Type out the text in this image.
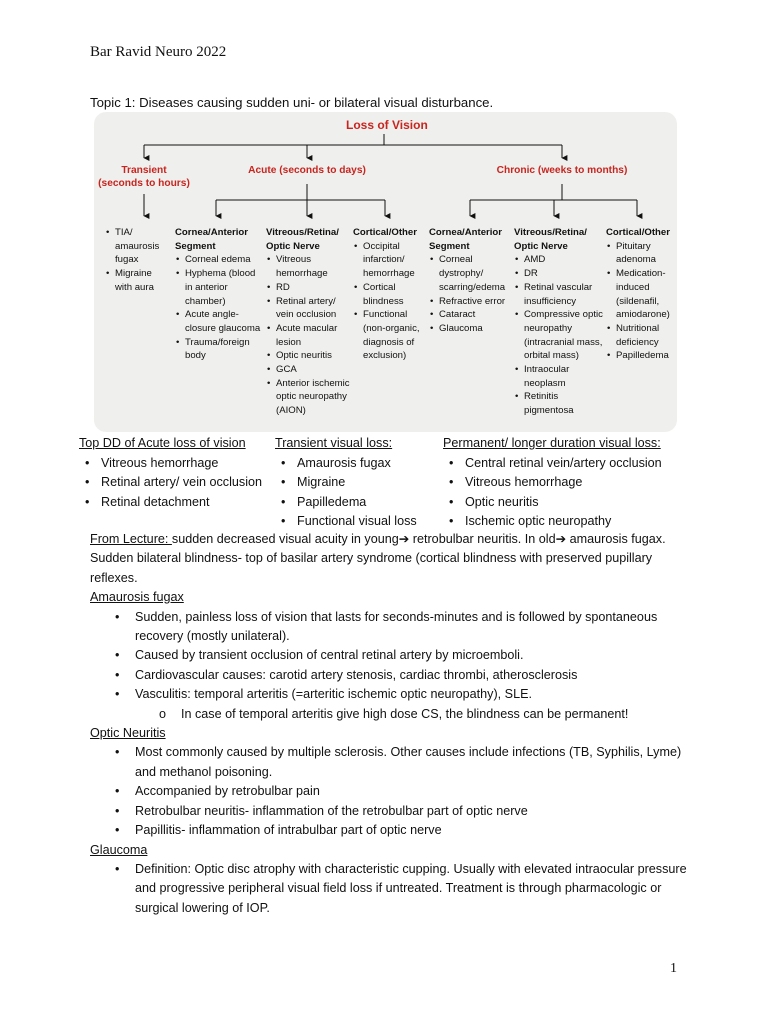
Bar Ravid Neuro 2022
1
Topic 1: Diseases causing sudden uni- or bilateral visual disturbance.
Loss of Vision
Transient
(seconds to hours)
Acute (seconds to days)	Chronic (weeks to months)
• TIA/ amaurosis fugax
• Migraine with aura
Cornea/Anterior
Segment
• Corneal edema
• Hyphema (blood in anterior chamber)
• Acute angle-closure glaucoma
• Trauma/foreign body
Vitreous/Retina/
Optic Nerve
• Vitreous hemorrhage
• RD
• Retinal artery/ vein occlusion
• Acute macular lesion
• Optic neuritis
• GCA
• Anterior ischemic optic neuropathy (AION)
Cortical/Other
• Occipital infarction/ hemorrhage
• Cortical blindness
• Functional (non-organic, diagnosis of exclusion)
Cornea/Anterior
Segment
• Corneal dystrophy/ scarring/edema
• Refractive error
• Cataract
• Glaucoma
Vitreous/Retina/
Optic Nerve
• AMD
• DR
• Retinal vascular insufficiency
• Compressive optic neuropathy (intracranial mass, orbital mass)
• Intraocular neoplasm
• Retinitis pigmentosa
Cortical/Other
• Pituitary adenoma
• Medication-induced (sildenafil, amiodarone)
• Nutritional deficiency
• Papilledema
Top DD of Acute loss of vision
• Vitreous hemorrhage
• Retinal artery/ vein occlusion
• Retinal detachment
Transient visual loss:
• Amaurosis fugax
• Migraine
• Papilledema
• Functional visual loss
Permanent/ longer duration visual loss:
• Central retinal vein/artery occlusion
• Vitreous hemorrhage
• Optic neuritis
• Ischemic optic neuropathy

From Lecture: sudden decreased visual acuity in young➔ retrobulbar neuritis. In old➔ amaurosis fugax. Sudden bilateral blindness- top of basilar artery syndrome (cortical blindness with preserved pupillary reflexes.

Amaurosis fugax

• Sudden, painless loss of vision that lasts for seconds-minutes and is followed by spontaneous recovery (mostly unilateral).
• Caused by transient occlusion of central retinal artery by microemboli.
• Cardiovascular causes: carotid artery stenosis, cardiac thrombi, atherosclerosis
• Vasculitis: temporal arteritis (=arteritic ischemic optic neuropathy), SLE.
o In case of temporal arteritis give high dose CS, the blindness can be permanent!

Optic Neuritis

• Most commonly caused by multiple sclerosis. Other causes include infections (TB, Syphilis, Lyme) and methanol poisoning.
• Accompanied by retrobulbar pain
• Retrobulbar neuritis- inflammation of the retrobulbar part of optic nerve
• Papillitis- inflammation of intrabulbar part of optic nerve

Glaucoma

• Definition: Optic disc atrophy with characteristic cupping. Usually with elevated intraocular pressure and progressive peripheral visual field loss if untreated. Treatment is through pharmacologic or surgical lowering of IOP.
